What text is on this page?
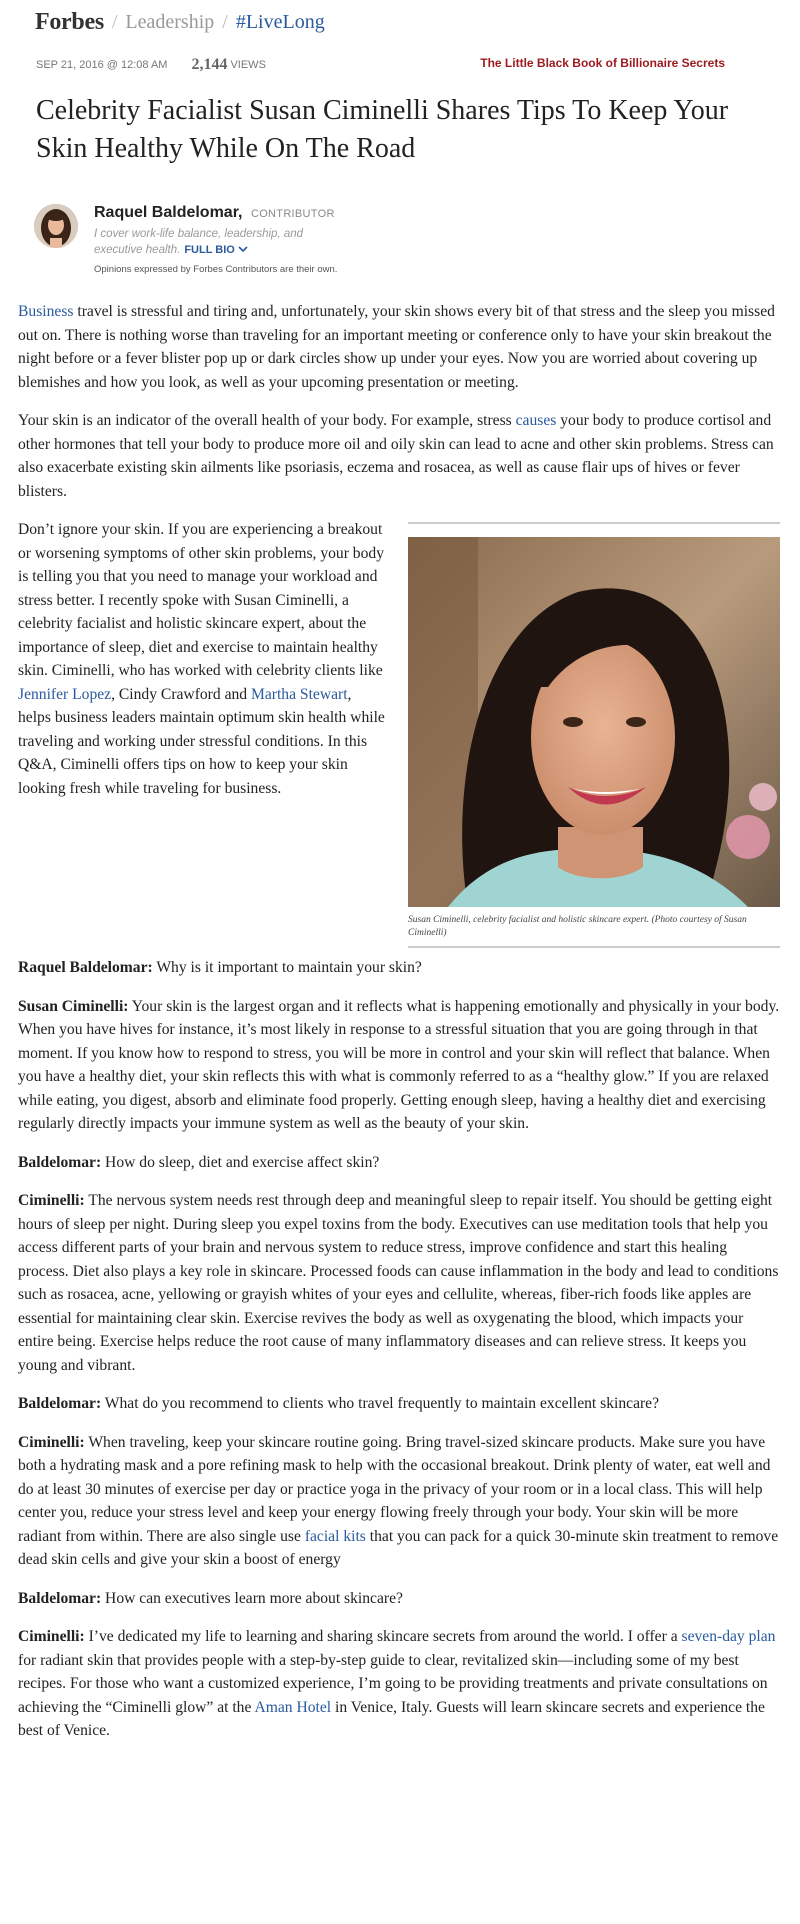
Forbes / Leadership / #LiveLong
SEP 21, 2016 @ 12:08 AM 2,144 VIEWS	The Little Black Book of Billionaire Secrets
Celebrity Facialist Susan Ciminelli Shares Tips To Keep Your Skin Healthy While On The Road
Raquel Baldelomar, CONTRIBUTOR
I cover work-life balance, leadership, and executive health. FULL BIO
Opinions expressed by Forbes Contributors are their own.

Business travel is stressful and tiring and, unfortunately, your skin shows every bit of that stress and the sleep you missed out on. There is nothing worse than traveling for an important meeting or conference only to have your skin breakout the night before or a fever blister pop up or dark circles show up under your eyes. Now you are worried about covering up blemishes and how you look, as well as your upcoming presentation or meeting.

Your skin is an indicator of the overall health of your body. For example, stress causes your body to produce cortisol and other hormones that tell your body to produce more oil and oily skin can lead to acne and other skin problems. Stress can also exacerbate existing skin ailments like psoriasis, eczema and rosacea, as well as cause flair ups of hives or fever blisters.

Don’t ignore your skin. If you are experiencing a breakout or worsening symptoms of other skin problems, your body is telling you that you need to manage your workload and stress better. I recently spoke with Susan Ciminelli, a celebrity facialist and holistic skincare expert, about the importance of sleep, diet and exercise to maintain healthy skin. Ciminelli, who has worked with celebrity clients like Jennifer Lopez, Cindy Crawford and Martha Stewart, helps business leaders maintain optimum skin health while traveling and working under stressful conditions. In this Q&A, Ciminelli offers tips on how to keep your skin looking fresh while traveling for business.

Susan Ciminelli, celebrity facialist and holistic skincare expert. (Photo courtesy of Susan Ciminelli)

Raquel Baldelomar: Why is it important to maintain your skin?

Susan Ciminelli: Your skin is the largest organ and it reflects what is happening emotionally and physically in your body. When you have hives for instance, it’s most likely in response to a stressful situation that you are going through in that moment. If you know how to respond to stress, you will be more in control and your skin will reflect that balance. When you have a healthy diet, your skin reflects this with what is commonly referred to as a “healthy glow.” If you are relaxed while eating, you digest, absorb and eliminate food properly. Getting enough sleep, having a healthy diet and exercising regularly directly impacts your immune system as well as the beauty of your skin.

Baldelomar: How do sleep, diet and exercise affect skin?

Ciminelli: The nervous system needs rest through deep and meaningful sleep to repair itself. You should be getting eight hours of sleep per night. During sleep you expel toxins from the body. Executives can use meditation tools that help you access different parts of your brain and nervous system to reduce stress, improve confidence and start this healing process. Diet also plays a key role in skincare. Processed foods can cause inflammation in the body and lead to conditions such as rosacea, acne, yellowing or grayish whites of your eyes and cellulite, whereas, fiber-rich foods like apples are essential for maintaining clear skin. Exercise revives the body as well as oxygenating the blood, which impacts your entire being. Exercise helps reduce the root cause of many inflammatory diseases and can relieve stress. It keeps you young and vibrant.

Baldelomar: What do you recommend to clients who travel frequently to maintain excellent skincare?

Ciminelli: When traveling, keep your skincare routine going. Bring travel-sized skincare products. Make sure you have both a hydrating mask and a pore refining mask to help with the occasional breakout. Drink plenty of water, eat well and do at least 30 minutes of exercise per day or practice yoga in the privacy of your room or in a local class. This will help center you, reduce your stress level and keep your energy flowing freely through your body. Your skin will be more radiant from within. There are also single use facial kits that you can pack for a quick 30-minute skin treatment to remove dead skin cells and give your skin a boost of energy

Baldelomar: How can executives learn more about skincare?

Ciminelli: I’ve dedicated my life to learning and sharing skincare secrets from around the world. I offer a seven-day plan for radiant skin that provides people with a step-by-step guide to clear, revitalized skin—including some of my best recipes. For those who want a customized experience, I’m going to be providing treatments and private consultations on achieving the “Ciminelli glow” at the Aman Hotel in Venice, Italy. Guests will learn skincare secrets and experience the best of Venice.
